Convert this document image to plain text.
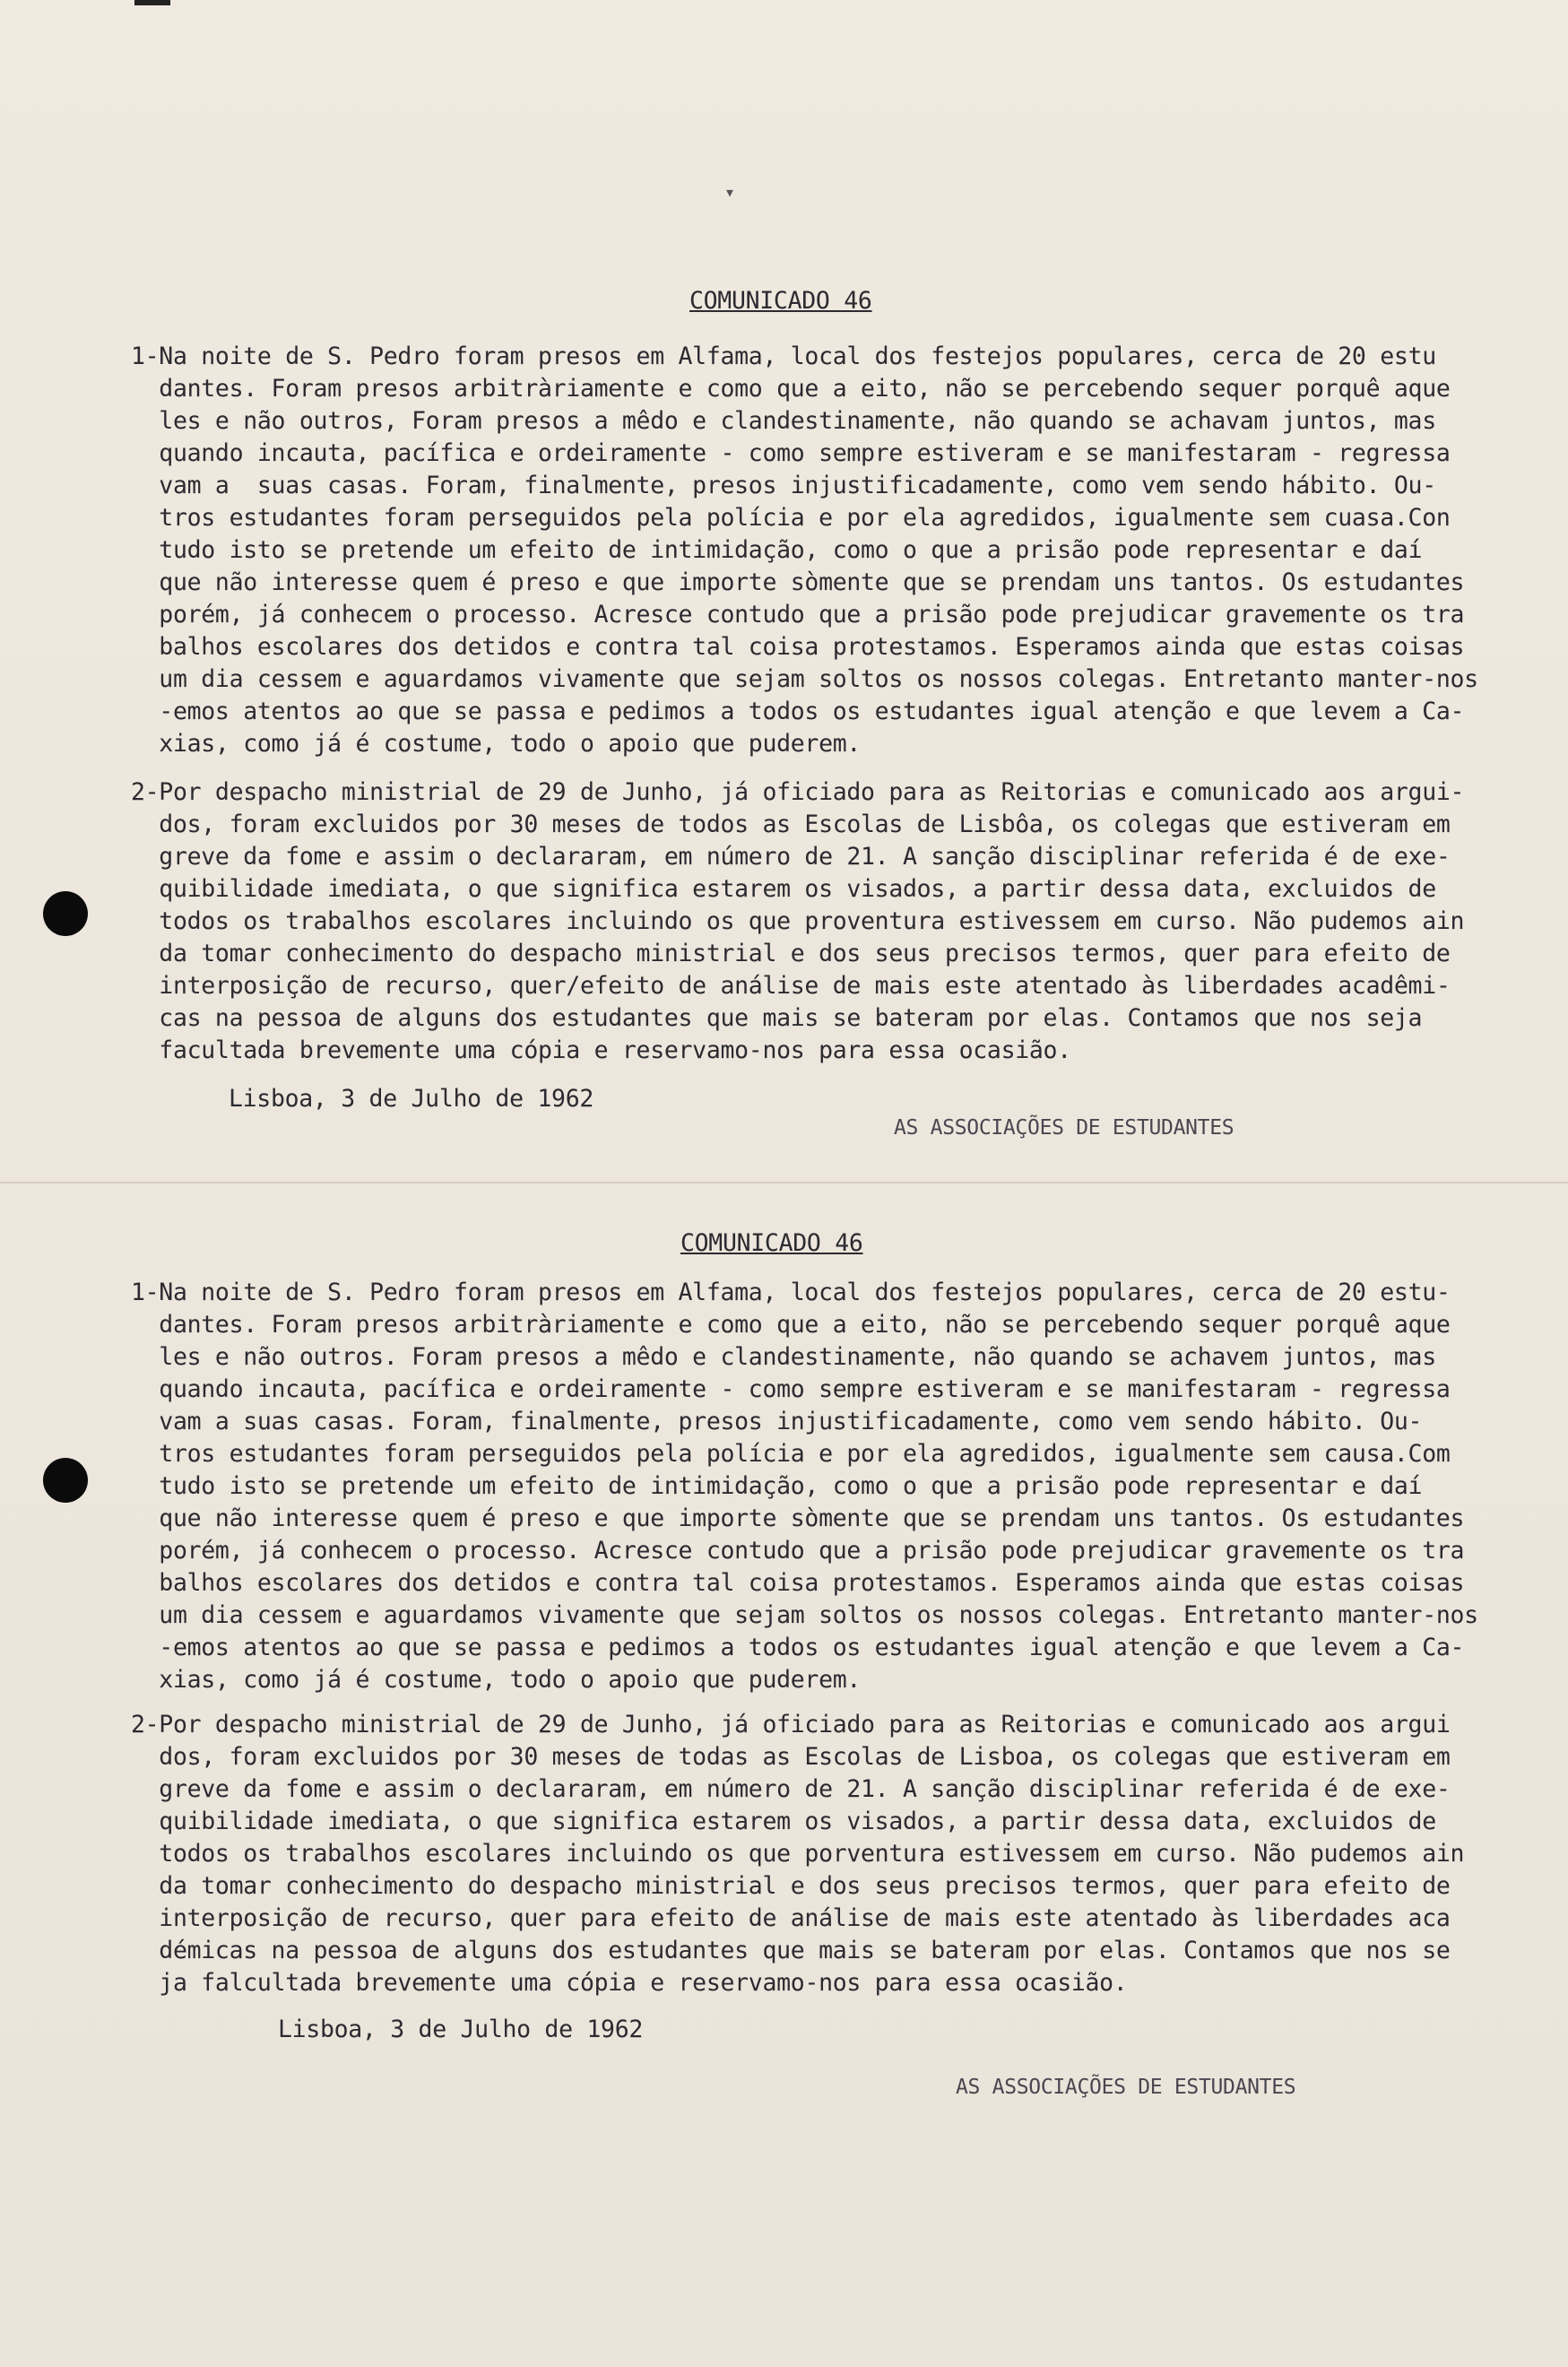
▾
COMUNICADO 46
1-Na noite de S. Pedro foram presos em Alfama, local dos festejos populares, cerca de 20 estu
dantes. Foram presos arbitràriamente e como que a eito, não se percebendo sequer porquê aque
les e não outros, Foram presos a mêdo e clandestinamente, não quando se achavam juntos, mas
quando incauta, pacífica e ordeiramente - como sempre estiveram e se manifestaram - regressa
vam a  suas casas. Foram, finalmente, presos injustificadamente, como vem sendo hábito. Ou-
tros estudantes foram perseguidos pela polícia e por ela agredidos, igualmente sem cuasa.Con
tudo isto se pretende um efeito de intimidação, como o que a prisão pode representar e daí
que não interesse quem é preso e que importe sòmente que se prendam uns tantos. Os estudantes
porém, já conhecem o processo. Acresce contudo que a prisão pode prejudicar gravemente os tra
balhos escolares dos detidos e contra tal coisa protestamos. Esperamos ainda que estas coisas
um dia cessem e aguardamos vivamente que sejam soltos os nossos colegas. Entretanto manter-nos
-emos atentos ao que se passa e pedimos a todos os estudantes igual atenção e que levem a Ca-
xias, como já é costume, todo o apoio que puderem.
2-Por despacho ministrial de 29 de Junho, já oficiado para as Reitorias e comunicado aos argui-
dos, foram excluidos por 30 meses de todos as Escolas de Lisbôa, os colegas que estiveram em
greve da fome e assim o declararam, em número de 21. A sanção disciplinar referida é de exe-
quibilidade imediata, o que significa estarem os visados, a partir dessa data, excluidos de
todos os trabalhos escolares incluindo os que proventura estivessem em curso. Não pudemos ain
da tomar conhecimento do despacho ministrial e dos seus precisos termos, quer para efeito de
interposição de recurso, quer/efeito de análise de mais este atentado às liberdades acadêmi-
cas na pessoa de alguns dos estudantes que mais se bateram por elas. Contamos que nos seja
facultada brevemente uma cópia e reservamo-nos para essa ocasião.
Lisboa, 3 de Julho de 1962
AS ASSOCIAÇÕES DE ESTUDANTES
COMUNICADO 46
1-Na noite de S. Pedro foram presos em Alfama, local dos festejos populares, cerca de 20 estu-
dantes. Foram presos arbitràriamente e como que a eito, não se percebendo sequer porquê aque
les e não outros. Foram presos a mêdo e clandestinamente, não quando se achavem juntos, mas
quando incauta, pacífica e ordeiramente - como sempre estiveram e se manifestaram - regressa
vam a suas casas. Foram, finalmente, presos injustificadamente, como vem sendo hábito. Ou-
tros estudantes foram perseguidos pela polícia e por ela agredidos, igualmente sem causa.Com
tudo isto se pretende um efeito de intimidação, como o que a prisão pode representar e daí
que não interesse quem é preso e que importe sòmente que se prendam uns tantos. Os estudantes
porém, já conhecem o processo. Acresce contudo que a prisão pode prejudicar gravemente os tra
balhos escolares dos detidos e contra tal coisa protestamos. Esperamos ainda que estas coisas
um dia cessem e aguardamos vivamente que sejam soltos os nossos colegas. Entretanto manter-nos
-emos atentos ao que se passa e pedimos a todos os estudantes igual atenção e que levem a Ca-
xias, como já é costume, todo o apoio que puderem.
2-Por despacho ministrial de 29 de Junho, já oficiado para as Reitorias e comunicado aos argui
dos, foram excluidos por 30 meses de todas as Escolas de Lisboa, os colegas que estiveram em
greve da fome e assim o declararam, em número de 21. A sanção disciplinar referida é de exe-
quibilidade imediata, o que significa estarem os visados, a partir dessa data, excluidos de
todos os trabalhos escolares incluindo os que porventura estivessem em curso. Não pudemos ain
da tomar conhecimento do despacho ministrial e dos seus precisos termos, quer para efeito de
interposição de recurso, quer para efeito de análise de mais este atentado às liberdades aca
démicas na pessoa de alguns dos estudantes que mais se bateram por elas. Contamos que nos se
ja falcultada brevemente uma cópia e reservamo-nos para essa ocasião.
Lisboa, 3 de Julho de 1962
AS ASSOCIAÇÕES DE ESTUDANTES
